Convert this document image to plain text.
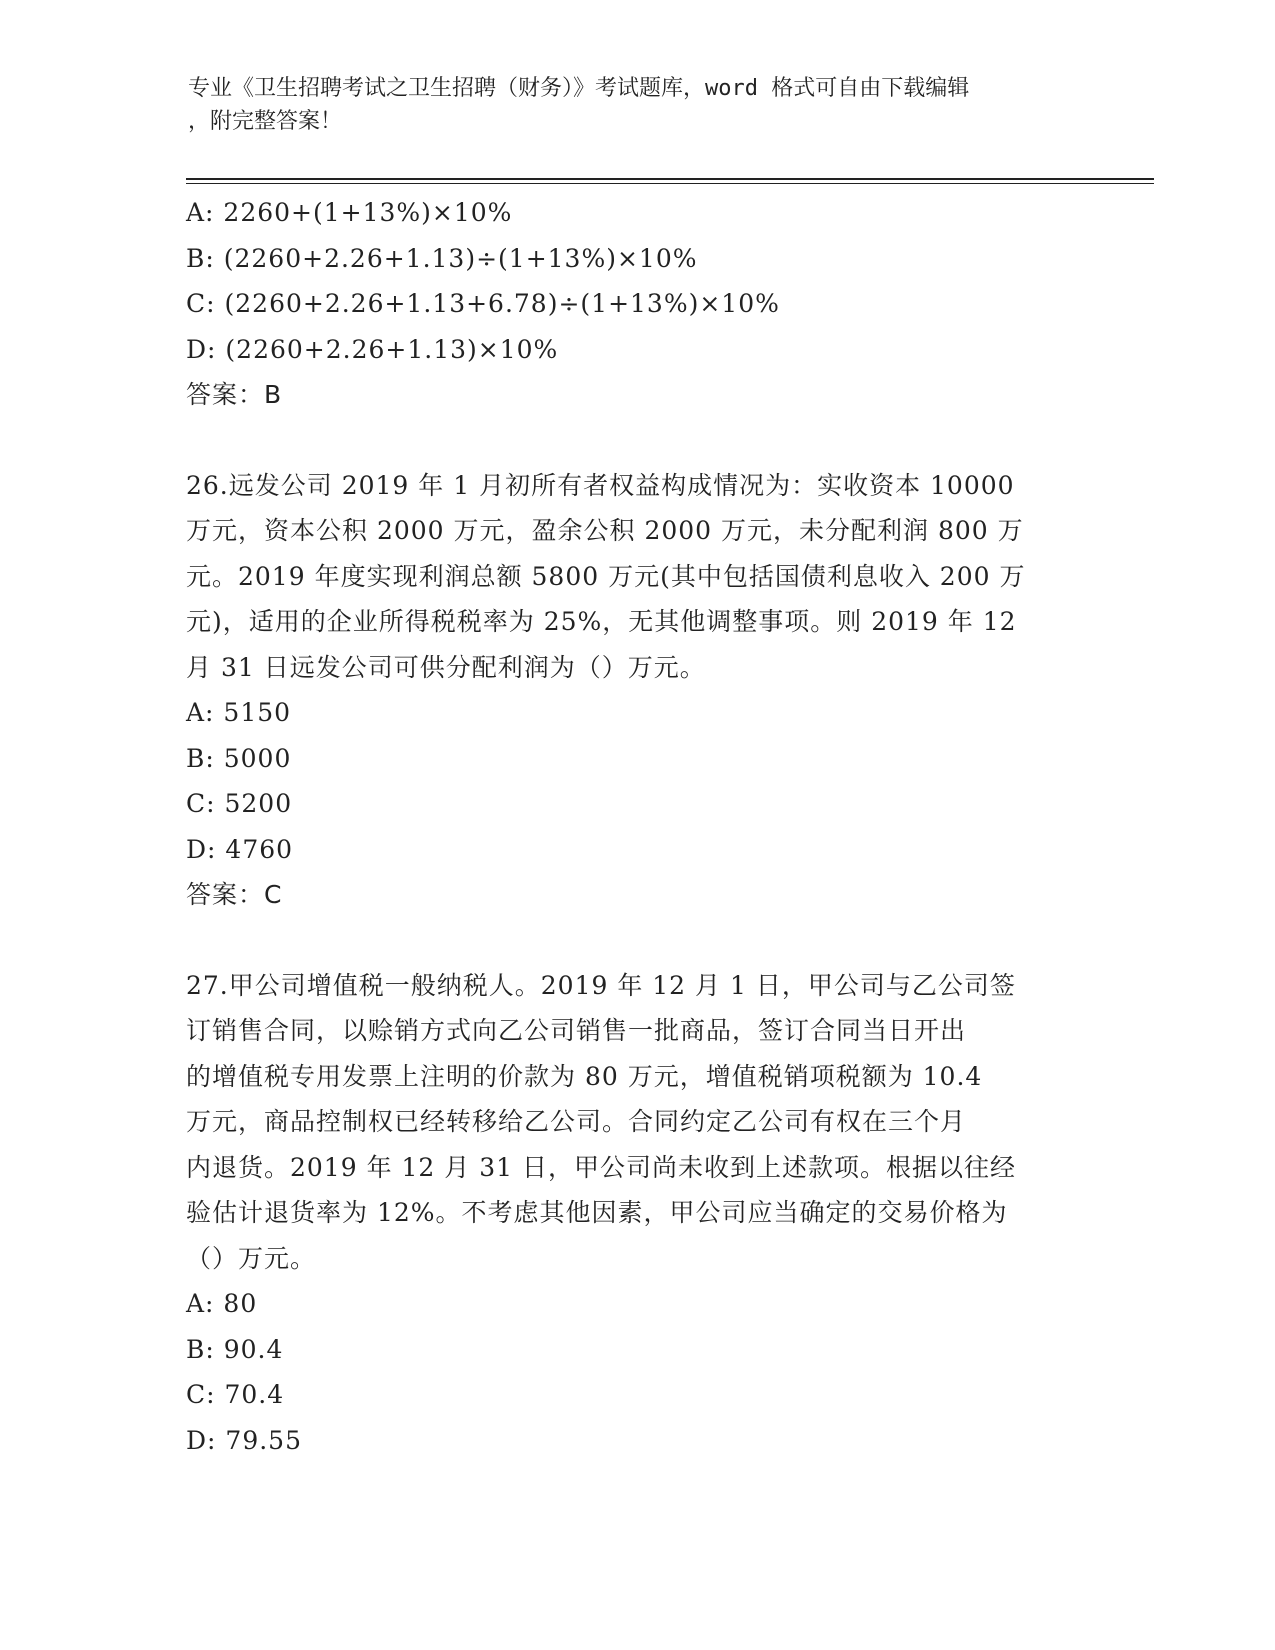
专业《卫生招聘考试之卫生招聘（财务）》考试题库，word 格式可自由下载编辑
，附完整答案！
A: 2260+(1+13%)×10%
B: (2260+2.26+1.13)÷(1+13%)×10%
C: (2260+2.26+1.13+6.78)÷(1+13%)×10%
D: (2260+2.26+1.13)×10%
答案：B
26.远发公司 2019 年 1 月初所有者权益构成情况为：实收资本 10000
万元，资本公积 2000 万元，盈余公积 2000 万元，未分配利润 800 万
元。2019 年度实现利润总额 5800 万元(其中包括国债利息收入 200 万
元)，适用的企业所得税税率为 25%，无其他调整事项。则 2019 年 12
月 31 日远发公司可供分配利润为（）万元。
A: 5150
B: 5000
C: 5200
D: 4760
答案：C
27.甲公司增值税一般纳税人。2019 年 12 月 1 日，甲公司与乙公司签
订销售合同，以赊销方式向乙公司销售一批商品，签订合同当日开出
的增值税专用发票上注明的价款为 80 万元，增值税销项税额为 10.4
万元，商品控制权已经转移给乙公司。合同约定乙公司有权在三个月
内退货。2019 年 12 月 31 日，甲公司尚未收到上述款项。根据以往经
验估计退货率为 12%。不考虑其他因素，甲公司应当确定的交易价格为
（）万元。
A: 80
B: 90.4
C: 70.4
D: 79.55
